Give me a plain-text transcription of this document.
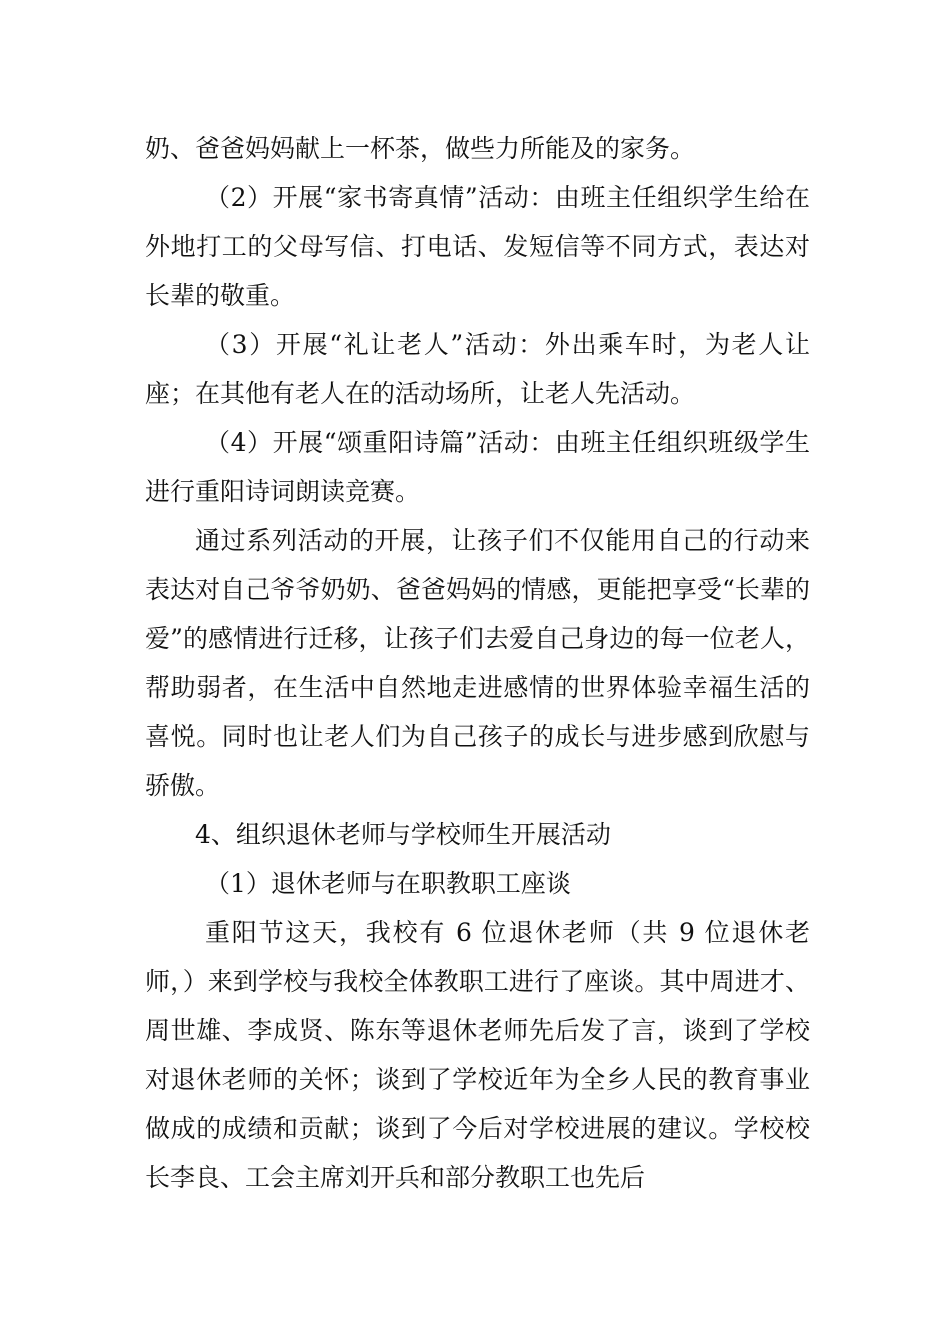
奶、爸爸妈妈献上一杯茶，做些力所能及的家务。

（2）开展“家书寄真情”活动：由班主任组织学生给在外地打工的父母写信、打电话、发短信等不同方式，表达对长辈的敬重。

（3）开展“礼让老人”活动：外出乘车时，为老人让座；在其他有老人在的活动场所，让老人先活动。

（4）开展“颂重阳诗篇”活动：由班主任组织班级学生进行重阳诗词朗读竞赛。

通过系列活动的开展，让孩子们不仅能用自己的行动来表达对自己爷爷奶奶、爸爸妈妈的情感，更能把享受“长辈的爱”的感情进行迁移，让孩子们去爱自己身边的每一位老人，帮助弱者，在生活中自然地走进感情的世界体验幸福生活的喜悦。同时也让老人们为自己孩子的成长与进步感到欣慰与骄傲。

4、组织退休老师与学校师生开展活动

（1）退休老师与在职教职工座谈

重阳节这天，我校有 6 位退休老师（共 9 位退休老师，）来到学校与我校全体教职工进行了座谈。其中周进才、周世雄、李成贤、陈东等退休老师先后发了言，谈到了学校对退休老师的关怀；谈到了学校近年为全乡人民的教育事业做成的成绩和贡献；谈到了今后对学校进展的建议。学校校长李良、工会主席刘开兵和部分教职工也先后
